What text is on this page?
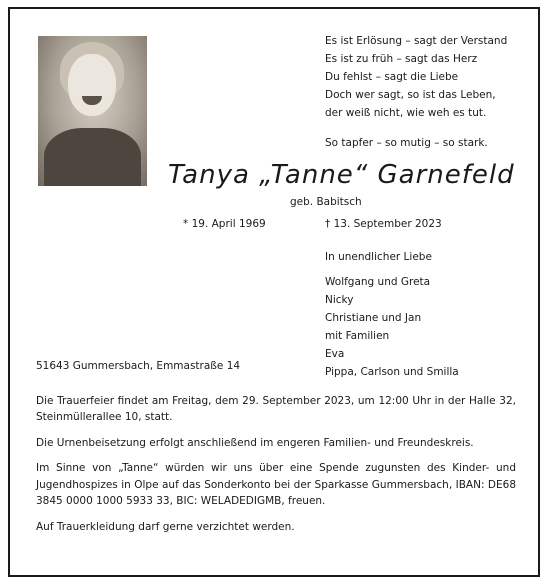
Es ist Erlösung – sagt der Verstand
Es ist zu früh – sagt das Herz
Du fehlst – sagt die Liebe
Doch wer sagt, so ist das Leben,
der weiß nicht, wie weh es tut.
So tapfer – so mutig – so stark.
Tanya „Tanne“ Garnefeld
geb. Babitsch
* 19. April 1969	† 13. September 2023
In unendlicher Liebe
Wolfgang und Greta
Nicky
Christiane und Jan
mit Familien
Eva
Pippa, Carlson und Smilla

51643 Gummersbach, Emmastraße 14

Die Trauerfeier findet am Freitag, dem 29. September 2023, um 12:00 Uhr in der Halle 32, Steinmüllerallee 10, statt.

Die Urnenbeisetzung erfolgt anschließend im engeren Familien- und Freundeskreis.

Im Sinne von „Tanne“ würden wir uns über eine Spende zugunsten des Kinder- und Jugendhospizes in Olpe auf das Sonderkonto bei der Sparkasse Gummersbach, IBAN: DE68 3845 0000 1000 5933 33, BIC: WELADEDIGMB, freuen.

Auf Trauerkleidung darf gerne verzichtet werden.
